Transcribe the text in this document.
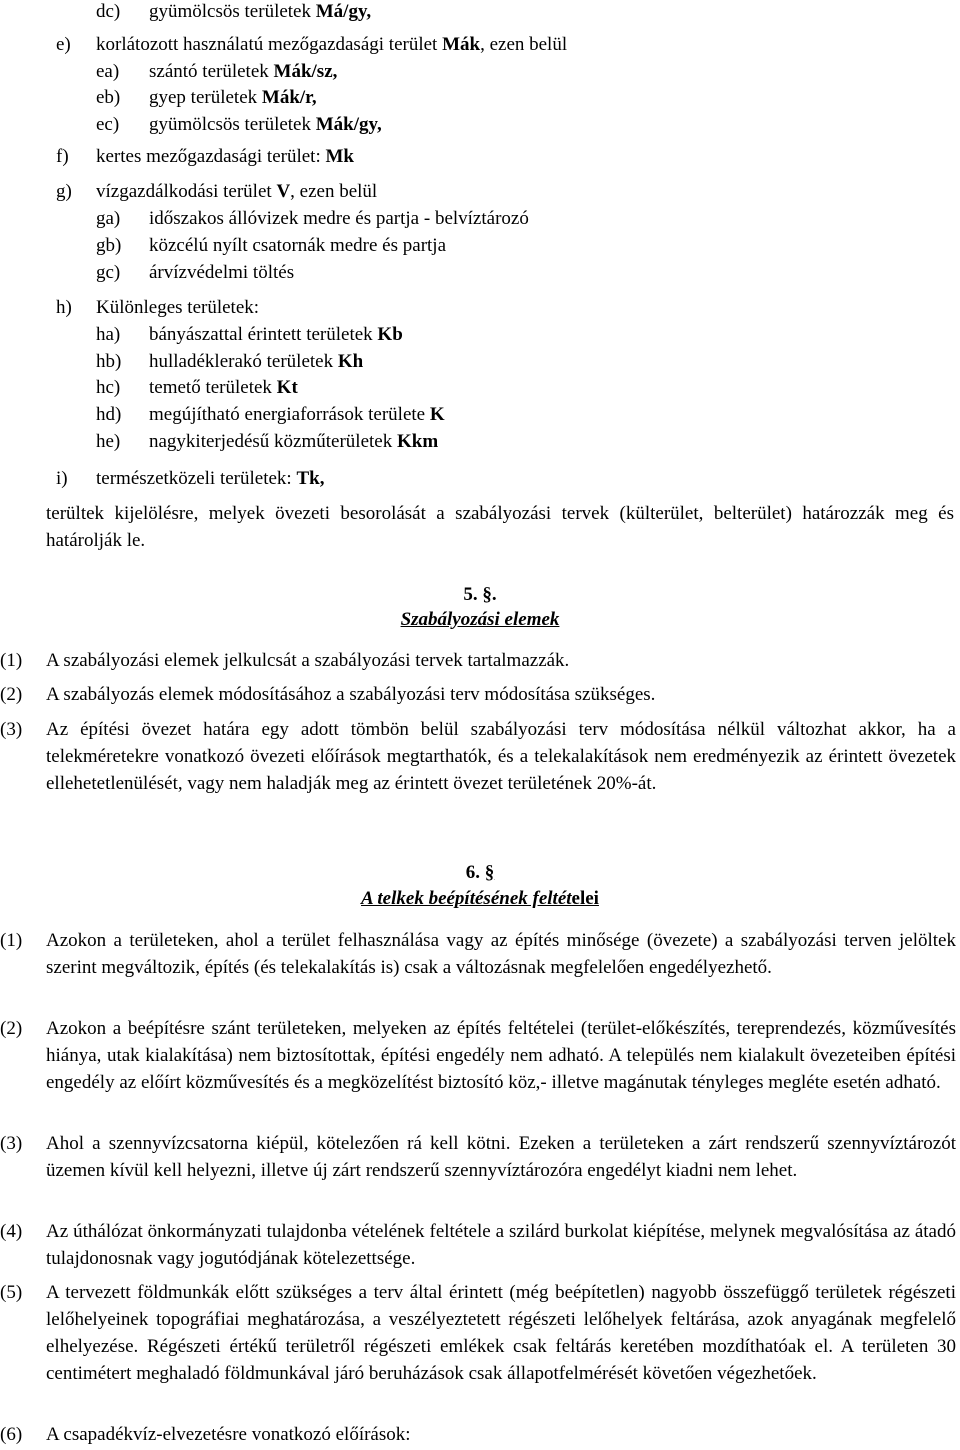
dc) gyümölcsös területek Má/gy,
e) korlátozott használatú mezőgazdasági terület Mák, ezen belül
ea) szántó területek Mák/sz,
eb) gyep területek Mák/r,
ec) gyümölcsös területek Mák/gy,
f) kertes mezőgazdasági terület: Mk
g) vízgazdálkodási terület V, ezen belül
ga) időszakos állóvizek medre és partja - belvíztározó
gb) közcélú nyílt csatornák medre és partja
gc) árvízvédelmi töltés
h) Különleges területek:
ha) bányászattal érintett területek Kb
hb) hulladéklerakó területek Kh
hc) temető területek Kt
hd) megújítható energiaforrások területe K
he) nagykiterjedésű közműterületek Kkm
i) természetközeli területek: Tk,
terültek kijelölésre, melyek övezeti besorolását a szabályozási tervek (külterület, belterület) határozzák meg és határolják le.
5. §.
Szabályozási elemek
(1) A szabályozási elemek jelkulcsát a szabályozási tervek tartalmazzák.
(2) A szabályozás elemek módosításához a szabályozási terv módosítása szükséges.
(3) Az építési övezet határa egy adott tömbön belül szabályozási terv módosítása nélkül változhat akkor, ha a telekméretekre vonatkozó övezeti előírások megtarthatók, és a telekalakítások nem eredményezik az érintett övezetek ellehetetlenülését, vagy nem haladják meg az érintett övezet területének 20%-át.
6. §
A telkek beépítésének feltételei
(1) Azokon a területeken, ahol a terület felhasználása vagy az építés minősége (övezete) a szabályozási terven jelöltek szerint megváltozik, építés (és telekalakítás is) csak a változásnak megfelelően engedélyezhető.
(2) Azokon a beépítésre szánt területeken, melyeken az építés feltételei (terület-előkészítés, tereprendezés, közművesítés hiánya, utak kialakítása) nem biztosítottak, építési engedély nem adható. A település nem kialakult övezeteiben építési engedély az előírt közművesítés és a megközelítést biztosító köz,- illetve magánutak tényleges megléte esetén adható.
(3) Ahol a szennyvízcsatorna kiépül, kötelezően rá kell kötni. Ezeken a területeken a zárt rendszerű szennyvíztározót üzemen kívül kell helyezni, illetve új zárt rendszerű szennyvíztározóra engedélyt kiadni nem lehet.
(4) Az úthálózat önkormányzati tulajdonba vételének feltétele a szilárd burkolat kiépítése, melynek megvalósítása az átadó tulajdonosnak vagy jogutódjának kötelezettsége.
(5) A tervezett földmunkák előtt szükséges a terv által érintett (még beépítetlen) nagyobb összefüggő területek régészeti lelőhelyeinek topográfiai meghatározása, a veszélyeztetett régészeti lelőhelyek feltárása, azok anyagának megfelelő elhelyezése. Régészeti értékű területről régészeti emlékek csak feltárás keretében mozdíthatóak el. A területen 30 centimétert meghaladó földmunkával járó beruházások csak állapotfelmérését követően végezhetőek.
(6) A csapadékvíz-elvezetésre vonatkozó előírások:
